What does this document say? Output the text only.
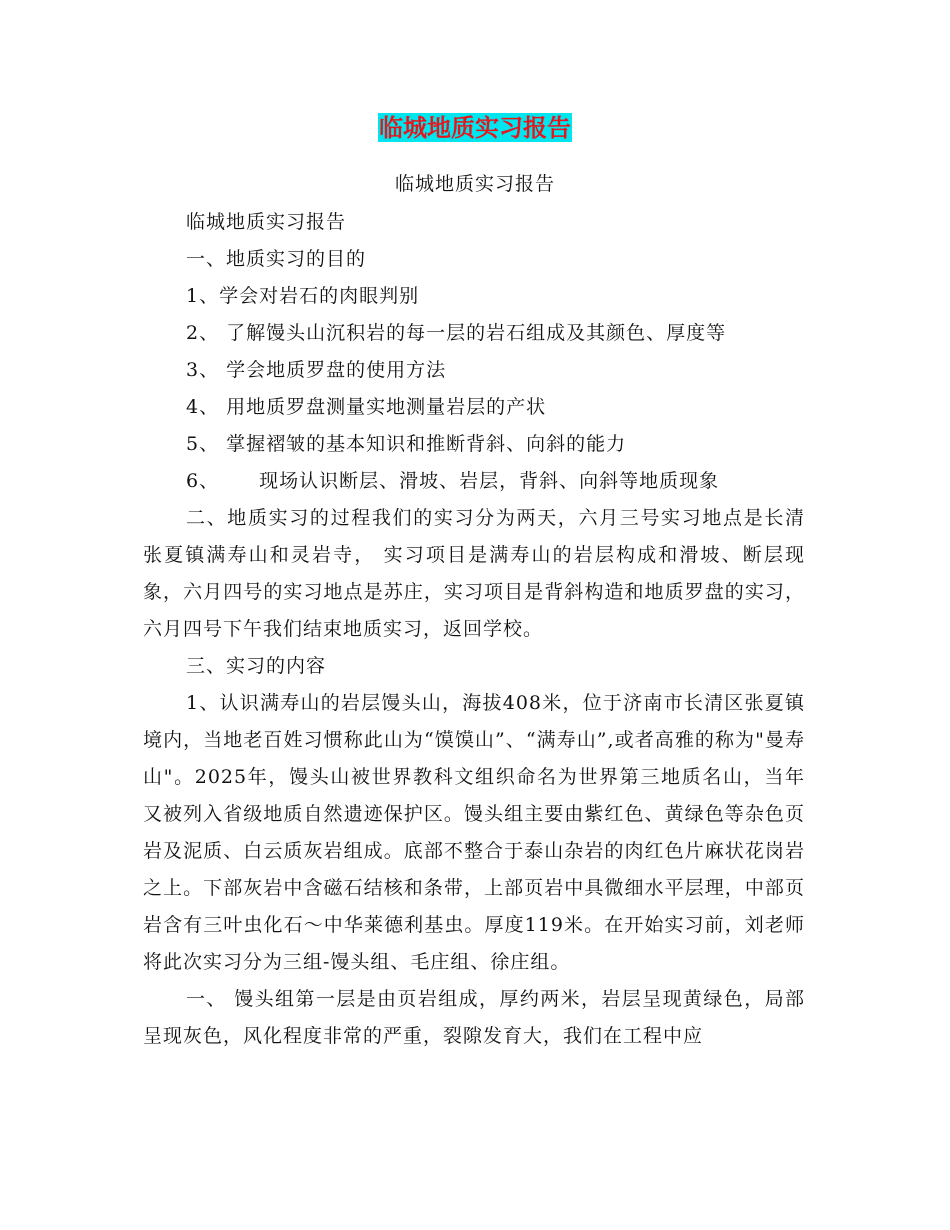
临城地质实习报告
临城地质实习报告

临城地质实习报告

一、地质实习的目的

1、学会对岩石的肉眼判别

2、 了解馒头山沉积岩的每一层的岩石组成及其颜色、厚度等

3、 学会地质罗盘的使用方法

4、 用地质罗盘测量实地测量岩层的产状

5、 掌握褶皱的基本知识和推断背斜、向斜的能力

6、 现场认识断层、滑坡、岩层，背斜、向斜等地质现象

二、地质实习的过程我们的实习分为两天，六月三号实习地点是长清张夏镇满寿山和灵岩寺， 实习项目是满寿山的岩层构成和滑坡、断层现象，六月四号的实习地点是苏庄，实习项目是背斜构造和地质罗盘的实习，六月四号下午我们结束地质实习，返回学校。

三、实习的内容

1、认识满寿山的岩层馒头山，海拔408米，位于济南市长清区张夏镇境内，当地老百姓习惯称此山为“馍馍山”、“满寿山”,或者高雅的称为"曼寿山"。2025年，馒头山被世界教科文组织命名为世界第三地质名山，当年又被列入省级地质自然遗迹保护区。馒头组主要由紫红色、黄绿色等杂色页岩及泥质、白云质灰岩组成。底部不整合于泰山杂岩的肉红色片麻状花岗岩之上。下部灰岩中含磁石结核和条带，上部页岩中具微细水平层理，中部页岩含有三叶虫化石～中华莱德利基虫。厚度119米。在开始实习前，刘老师将此次实习分为三组-馒头组、毛庄组、徐庄组。

一、 馒头组第一层是由页岩组成，厚约两米，岩层呈现黄绿色，局部呈现灰色，风化程度非常的严重，裂隙发育大，我们在工程中应
